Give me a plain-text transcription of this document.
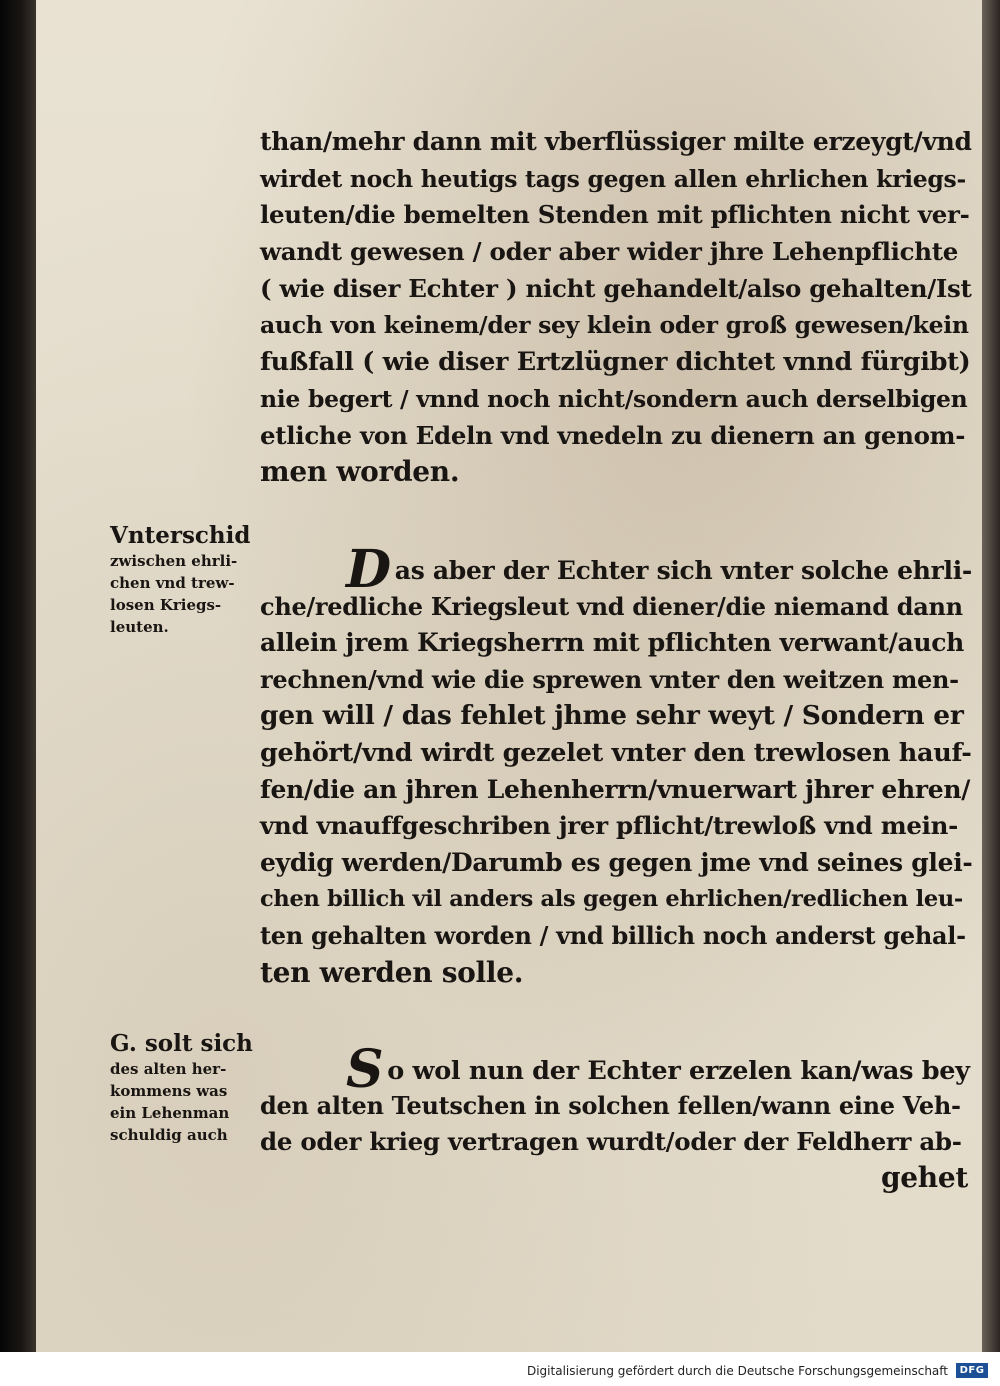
than/mehr dann mit vberflüssiger milte erzeygt/vnd
wirdet noch heutigs tags gegen allen ehrlichen kriegs-
leuten/die bemelten Stenden mit pflichten nicht ver-
wandt gewesen / oder aber wider jhre Lehenpflichte
( wie diser Echter ) nicht gehandelt/also gehalten/Ist
auch von keinem/der sey klein oder groß gewesen/kein
fußfall ( wie diser Ertzlügner dichtet vnnd fürgibt)
nie begert / vnnd noch nicht/sondern auch derselbigen
etliche von Edeln vnd vnedeln zu dienern an genom-
men worden.
Vnterschid
zwischen ehrli-
chen vnd trew-
losen Kriegs-
leuten.
Das aber der Echter sich vnter solche ehrli-
che/redliche Kriegsleut vnd diener/die niemand dann
allein jrem Kriegsherrn mit pflichten verwant/auch
rechnen/vnd wie die sprewen vnter den weitzen men-
gen will / das fehlet jhme sehr weyt / Sondern er
gehört/vnd wirdt gezelet vnter den trewlosen hauf-
fen/die an jhren Lehenherrn/vnuerwart jhrer ehren/
vnd vnauffgeschriben jrer pflicht/trewloß vnd mein-
eydig werden/Darumb es gegen jme vnd seines glei-
chen billich vil anders als gegen ehrlichen/redlichen leu-
ten gehalten worden / vnd billich noch anderst gehal-
ten werden solle.
G. solt sich
des alten her-
kommens was
ein Lehenman
schuldig auch
So wol nun der Echter erzelen kan/was bey
den alten Teutschen in solchen fellen/wann eine Veh-
de oder krieg vertragen wurdt/oder der Feldherr ab-
gehet
Digitalisierung gefördert durch die Deutsche Forschungsgemeinschaft	DFG
